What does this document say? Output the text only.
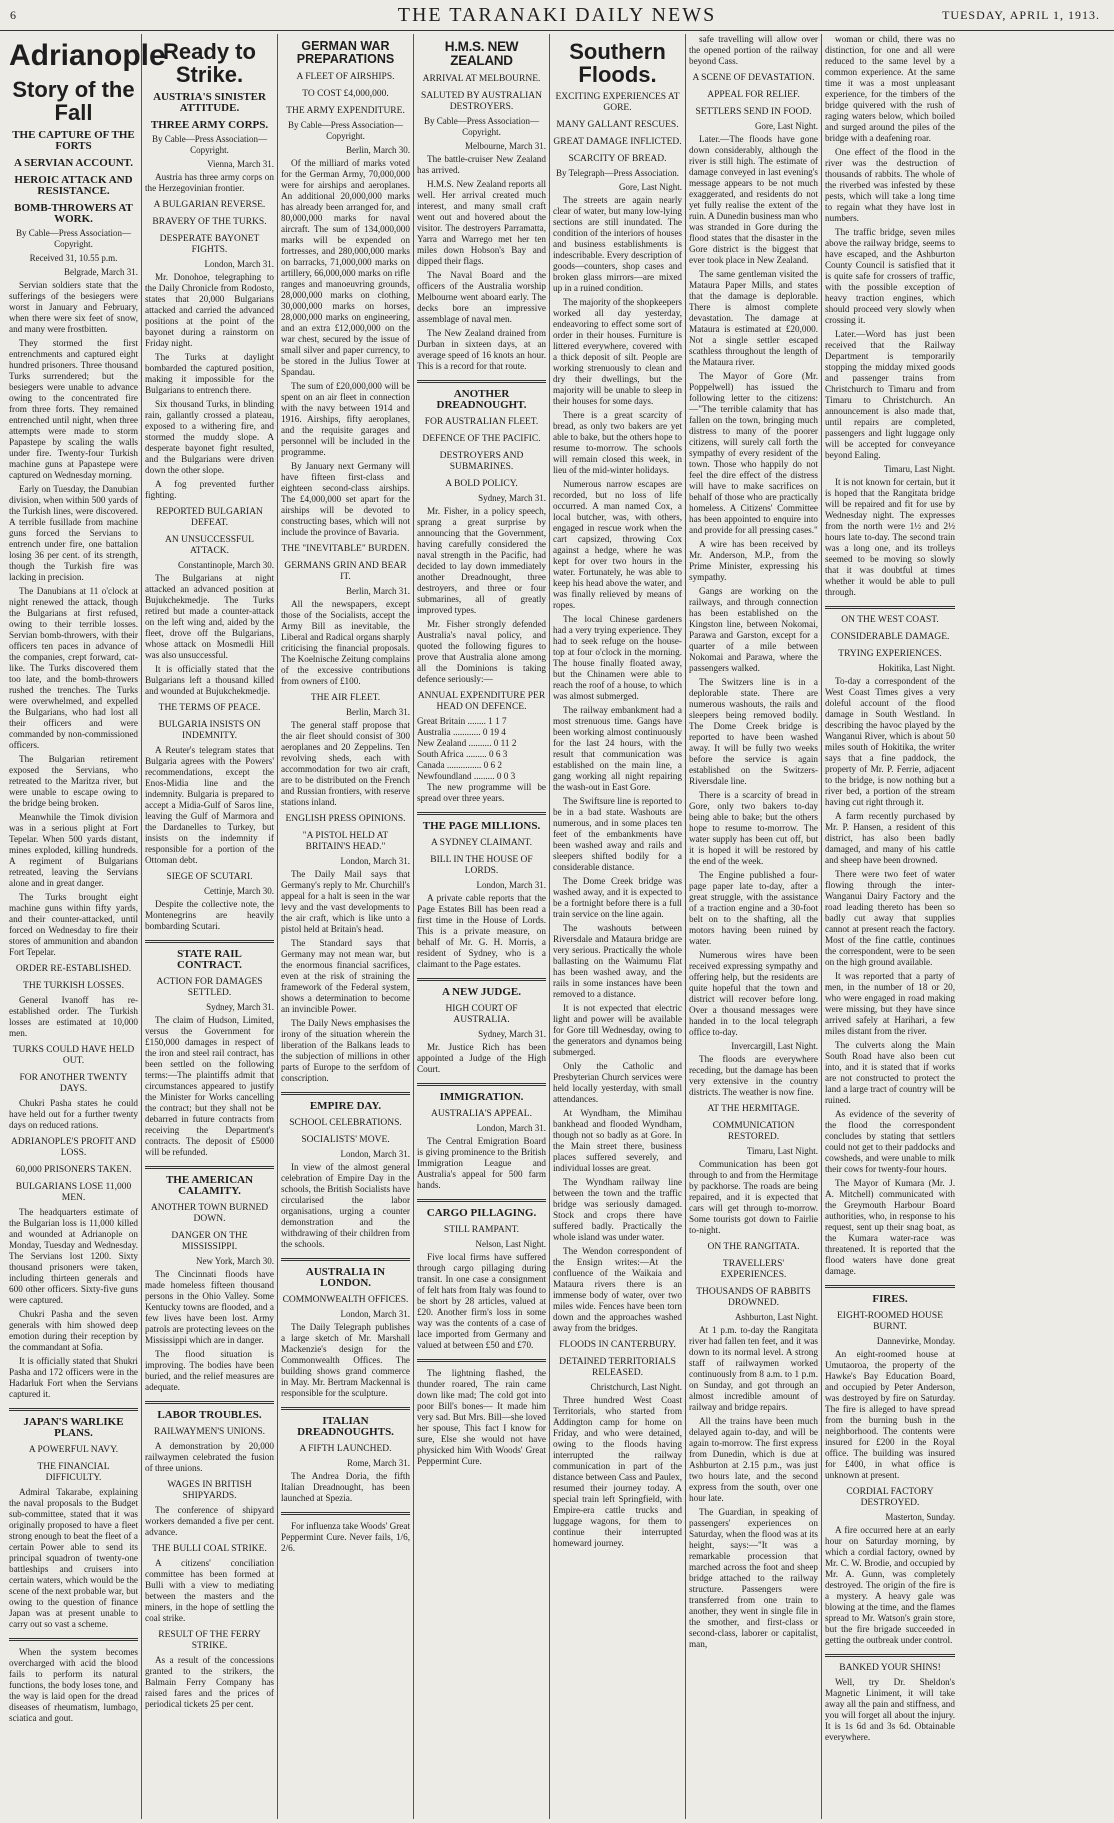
6	THE TARANAKI DAILY NEWS	TUESDAY, APRIL 1, 1913.
Adrianople
Story of the Fall
THE CAPTURE OF THE FORTS
A SERVIAN ACCOUNT.
HEROIC ATTACK AND RESISTANCE.
BOMB-THROWERS AT WORK.
By Cable—Press Association—Copyright.
Received 31, 10.55 p.m.
Belgrade, March 31.

Servian soldiers state that the sufferings of the besiegers were worst in January and February, when there were six feet of snow, and many were frostbitten.

They stormed the first entrenchments and captured eight hundred prisoners. Three thousand Turks surrendered; but the besiegers were unable to advance owing to the concentrated fire from three forts. They remained entrenched until night, when three attempts were made to storm Papastepe by scaling the walls under fire. Twenty-four Turkish machine guns at Papastepe were captured on Wednesday morning.

Early on Tuesday, the Danubian division, when within 500 yards of the Turkish lines, were discovered. A terrible fusillade from machine guns forced the Servians to entrench under fire, one battalion losing 36 per cent. of its strength, though the Turkish fire was lacking in precision.

The Danubians at 11 o'clock at night renewed the attack, though the Bulgarians at first refused, owing to their terrible losses. Servian bomb-throwers, with their officers ten paces in advance of the companies, crept forward, cat-like. The Turks discovered them too late, and the bomb-throwers rushed the trenches. The Turks were overwhelmed, and expelled the Bulgarians, who had lost all their officers and were commanded by non-commissioned officers.

The Bulgarian retirement exposed the Servians, who retreated to the Maritza river, but were unable to escape owing to the bridge being broken.

Meanwhile the Timok division was in a serious plight at Fort Tepelar. When 500 yards distant, mines exploded, killing hundreds. A regiment of Bulgarians retreated, leaving the Servians alone and in great danger.

The Turks brought eight machine guns within fifty yards, and their counter-attacked, until forced on Wednesday to fire their stores of ammunition and abandon Fort Tepelar.

ORDER RE-ESTABLISHED.
THE TURKISH LOSSES.

General Ivanoff has re-established order. The Turkish losses are estimated at 10,000 men.

TURKS COULD HAVE HELD OUT.
FOR ANOTHER TWENTY DAYS.

Chukri Pasha states he could have held out for a further twenty days on reduced rations.

ADRIANOPLE'S PROFIT AND LOSS.
60,000 PRISONERS TAKEN.
BULGARIANS LOSE 11,000 MEN.

The headquarters estimate of the Bulgarian loss is 11,000 killed and wounded at Adrianople on Monday, Tuesday and Wednesday. The Servians lost 1200. Sixty thousand prisoners were taken, including thirteen generals and 600 other officers. Sixty-five guns were captured.

Chukri Pasha and the seven generals with him showed deep emotion during their reception by the commandant at Sofia.

It is officially stated that Shukri Pasha and 172 officers were in the Hadarluk Fort when the Servians captured it.

JAPAN'S WARLIKE PLANS.
A POWERFUL NAVY.
THE FINANCIAL DIFFICULTY.

Admiral Takarabe, explaining the naval proposals to the Budget sub-committee, stated that it was originally proposed to have a fleet strong enough to beat the fleet of a certain Power able to send its principal squadron of twenty-one battleships and cruisers into certain waters, which would be the scene of the next probable war, but owing to the question of finance Japan was at present unable to carry out so vast a scheme.

When the system becomes overcharged with acid the blood fails to perform its natural functions, the body loses tone, and the way is laid open for the dread diseases of rheumatism, lumbago, sciatica and gout.

Ready to Strike.
AUSTRIA'S SINISTER ATTITUDE.
THREE ARMY CORPS.
By Cable—Press Association—Copyright.
Vienna, March 31.

Austria has three army corps on the Herzegovinian frontier.

A BULGARIAN REVERSE.
BRAVERY OF THE TURKS.
DESPERATE BAYONET FIGHTS.
London, March 31.

Mr. Donohoe, telegraphing to the Daily Chronicle from Rodosto, states that 20,000 Bulgarians attacked and carried the advanced positions at the point of the bayonet during a rainstorm on Friday night.

The Turks at daylight bombarded the captured position, making it impossible for the Bulgarians to entrench there.

Six thousand Turks, in blinding rain, gallantly crossed a plateau, exposed to a withering fire, and stormed the muddy slope. A desperate bayonet fight resulted, and the Bulgarians were driven down the other slope.

A fog prevented further fighting.

REPORTED BULGARIAN DEFEAT.
AN UNSUCCESSFUL ATTACK.
Constantinople, March 30.

The Bulgarians at night attacked an advanced position at Bujukchekmedje. The Turks retired but made a counter-attack on the left wing and, aided by the fleet, drove off the Bulgarians, whose attack on Mosmedli Hill was also unsuccessful.

It is officially stated that the Bulgarians left a thousand killed and wounded at Bujukchekmedje.

THE TERMS OF PEACE.
BULGARIA INSISTS ON INDEMNITY.

A Reuter's telegram states that Bulgaria agrees with the Powers' recommendations, except the Enos-Midia line and the indemnity. Bulgaria is prepared to accept a Midia-Gulf of Saros line, leaving the Gulf of Marmora and the Dardanelles to Turkey, but insists on the indemnity if responsible for a portion of the Ottoman debt.

SIEGE OF SCUTARI.
Cettinje, March 30.

Despite the collective note, the Montenegrins are heavily bombarding Scutari.

STATE RAIL CONTRACT.
ACTION FOR DAMAGES SETTLED.
Sydney, March 31.

The claim of Hudson, Limited, versus the Government for £150,000 damages in respect of the iron and steel rail contract, has been settled on the following terms:—The plaintiffs admit that circumstances appeared to justify the Minister for Works cancelling the contract; but they shall not be debarred in future contracts from receiving the Department's contracts. The deposit of £5000 will be refunded.

THE AMERICAN CALAMITY.
ANOTHER TOWN BURNED DOWN.
DANGER ON THE MISSISSIPPI.
New York, March 30.

The Cincinnati floods have made homeless fifteen thousand persons in the Ohio Valley. Some Kentucky towns are flooded, and a few lives have been lost. Army patrols are protecting levees on the Mississippi which are in danger.

The flood situation is improving. The bodies have been buried, and the relief measures are adequate.

LABOR TROUBLES.
RAILWAYMEN'S UNIONS.

A demonstration by 20,000 railwaymen celebrated the fusion of three unions.

WAGES IN BRITISH SHIPYARDS.

The conference of shipyard workers demanded a five per cent. advance.

THE BULLI COAL STRIKE.

A citizens' conciliation committee has been formed at Bulli with a view to mediating between the masters and the miners, in the hope of settling the coal strike.

RESULT OF THE FERRY STRIKE.

As a result of the concessions granted to the strikers, the Balmain Ferry Company has raised fares and the prices of periodical tickets 25 per cent.

GERMAN WAR PREPARATIONS
A FLEET OF AIRSHIPS.
TO COST £4,000,000.
THE ARMY EXPENDITURE.
By Cable—Press Association—Copyright.
Berlin, March 30.

Of the milliard of marks voted for the German Army, 70,000,000 were for airships and aeroplanes. An additional 20,000,000 marks has already been arranged for, and 80,000,000 marks for naval aircraft. The sum of 134,000,000 marks will be expended on fortresses, and 280,000,000 marks on barracks, 71,000,000 marks on artillery, 66,000,000 marks on rifle ranges and manoeuvring grounds, 28,000,000 marks on clothing, 30,000,000 marks on horses, 28,000,000 marks on engineering, and an extra £12,000,000 on the war chest, secured by the issue of small silver and paper currency, to be stored in the Julius Tower at Spandau.

The sum of £20,000,000 will be spent on an air fleet in connection with the navy between 1914 and 1916. Airships, fifty aeroplanes, and the requisite garages and personnel will be included in the programme.

By January next Germany will have fifteen first-class and eighteen second-class airships. The £4,000,000 set apart for the airships will be devoted to constructing bases, which will not include the province of Bavaria.

THE "INEVITABLE" BURDEN.
GERMANS GRIN AND BEAR IT.
Berlin, March 31.

All the newspapers, except those of the Socialists, accept the Army Bill as inevitable, the Liberal and Radical organs sharply criticising the financial proposals. The Koelnische Zeitung complains of the excessive contributions from owners of £100.

THE AIR FLEET.
Berlin, March 31.

The general staff propose that the air fleet should consist of 300 aeroplanes and 20 Zeppelins. Ten revolving sheds, each with accommodation for two air craft, are to be distributed on the French and Russian frontiers, with reserve stations inland.

ENGLISH PRESS OPINIONS.
"A PISTOL HELD AT BRITAIN'S HEAD."
London, March 31.

The Daily Mail says that Germany's reply to Mr. Churchill's appeal for a halt is seen in the war levy and the vast developments to the air craft, which is like unto a pistol held at Britain's head.

The Standard says that Germany may not mean war, but the enormous financial sacrifices, even at the risk of straining the framework of the Federal system, shows a determination to become an invincible Power.

The Daily News emphasises the irony of the situation wherein the liberation of the Balkans leads to the subjection of millions in other parts of Europe to the serfdom of conscription.

EMPIRE DAY.
SCHOOL CELEBRATIONS.
SOCIALISTS' MOVE.
London, March 31.

In view of the almost general celebration of Empire Day in the schools, the British Socialists have circularised the labor organisations, urging a counter demonstration and the withdrawing of their children from the schools.

AUSTRALIA IN LONDON.
COMMONWEALTH OFFICES.
London, March 31.

The Daily Telegraph publishes a large sketch of Mr. Marshall Mackenzie's design for the Commonwealth Offices. The building shows grand commerce in May. Mr. Bertram Mackennal is responsible for the sculpture.

ITALIAN DREADNOUGHTS.
A FIFTH LAUNCHED.
Rome, March 31.

The Andrea Doria, the fifth Italian Dreadnought, has been launched at Spezia.

For influenza take Woods' Great Peppermint Cure. Never fails, 1/6, 2/6.

H.M.S. NEW ZEALAND
ARRIVAL AT MELBOURNE.
SALUTED BY AUSTRALIAN DESTROYERS.
By Cable—Press Association—Copyright.
Melbourne, March 31.

The battle-cruiser New Zealand has arrived.

H.M.S. New Zealand reports all well. Her arrival created much interest, and many small craft went out and hovered about the visitor. The destroyers Parramatta, Yarra and Warrego met her ten miles down Hobson's Bay and dipped their flags.

The Naval Board and the officers of the Australia worship Melbourne went aboard early. The decks bore an impressive assemblage of naval men.

The New Zealand drained from Durban in sixteen days, at an average speed of 16 knots an hour. This is a record for that route.

ANOTHER DREADNOUGHT.
FOR AUSTRALIAN FLEET.
DEFENCE OF THE PACIFIC.
DESTROYERS AND SUBMARINES.
A BOLD POLICY.
Sydney, March 31.

Mr. Fisher, in a policy speech, sprang a great surprise by announcing that the Government, having carefully considered the naval strength in the Pacific, had decided to lay down immediately another Dreadnought, three destroyers, and three or four submarines, all of greatly improved types.

Mr. Fisher strongly defended Australia's naval policy, and quoted the following figures to prove that Australia alone among all the Dominions is taking defence seriously:—

ANNUAL EXPENDITURE PER HEAD ON DEFENCE.
Great Britain ........ 1 1 7
Australia ............ 0 19 4
New Zealand .......... 0 11 2
South Africa ......... 0 6 3
Canada ............... 0 6 2
Newfoundland ......... 0 0 3

The new programme will be spread over three years.

THE PAGE MILLIONS.
A SYDNEY CLAIMANT.
BILL IN THE HOUSE OF LORDS.
London, March 31.

A private cable reports that the Page Estates Bill has been read a first time in the House of Lords. This is a private measure, on behalf of Mr. G. H. Morris, a resident of Sydney, who is a claimant to the Page estates.

A NEW JUDGE.
HIGH COURT OF AUSTRALIA.
Sydney, March 31.

Mr. Justice Rich has been appointed a Judge of the High Court.

IMMIGRATION.
AUSTRALIA'S APPEAL.
London, March 31.

The Central Emigration Board is giving prominence to the British Immigration League and Australia's appeal for 500 farm hands.

CARGO PILLAGING.
STILL RAMPANT.
Nelson, Last Night.

Five local firms have suffered through cargo pillaging during transit. In one case a consignment of felt hats from Italy was found to be short by 28 articles, valued at £20. Another firm's loss in some way was the contents of a case of lace imported from Germany and valued at between £50 and £70.

The lightning flashed, the thunder roared, The rain came down like mad; The cold got into poor Bill's bones— It made him very sad. But Mrs. Bill—she loved her spouse, This fact I know for sure, Else she would not have physicked him With Woods' Great Peppermint Cure.

Southern Floods.
EXCITING EXPERIENCES AT GORE.
MANY GALLANT RESCUES.
GREAT DAMAGE INFLICTED.
SCARCITY OF BREAD.
By Telegraph—Press Association.
Gore, Last Night.

The streets are again nearly clear of water, but many low-lying sections are still inundated. The condition of the interiors of houses and business establishments is indescribable. Every description of goods—counters, shop cases and broken glass mirrors—are mixed up in a ruined condition.

The majority of the shopkeepers worked all day yesterday, endeavoring to effect some sort of order in their houses. Furniture is littered everywhere, covered with a thick deposit of silt. People are working strenuously to clean and dry their dwellings, but the majority will be unable to sleep in their houses for some days.

There is a great scarcity of bread, as only two bakers are yet able to bake, but the others hope to resume to-morrow. The schools will remain closed this week, in lieu of the mid-winter holidays.

Numerous narrow escapes are recorded, but no loss of life occurred. A man named Cox, a local butcher, was, with others, engaged in rescue work when the cart capsized, throwing Cox against a hedge, where he was kept for over two hours in the water. Fortunately, he was able to keep his head above the water, and was finally relieved by means of ropes.

The local Chinese gardeners had a very trying experience. They had to seek refuge on the house-top at four o'clock in the morning. The house finally floated away, but the Chinamen were able to reach the roof of a house, to which was almost submerged.

The railway embankment had a most strenuous time. Gangs have been working almost continuously for the last 24 hours, with the result that communication was established on the main line, a gang working all night repairing the wash-out in East Gore.

The Swiftsure line is reported to be in a bad state. Washouts are numerous, and in some places ten feet of the embankments have been washed away and rails and sleepers shifted bodily for a considerable distance.

The Dome Creek bridge was washed away, and it is expected to be a fortnight before there is a full train service on the line again.

The washouts between Riversdale and Mataura bridge are very serious. Practically the whole ballasting on the Waimumu Flat has been washed away, and the rails in some instances have been removed to a distance.

It is not expected that electric light and power will be available for Gore till Wednesday, owing to the generators and dynamos being submerged.

Only the Catholic and Presbyterian Church services were held locally yesterday, with small attendances.

At Wyndham, the Mimihau bankhead and flooded Wyndham, though not so badly as at Gore. In the Main street there, business places suffered severely, and individual losses are great.

The Wyndham railway line between the town and the traffic bridge was seriously damaged. Stock and crops there have suffered badly. Practically the whole island was under water.

The Wendon correspondent of the Ensign writes:—At the confluence of the Waikaia and Mataura rivers there is an immense body of water, over two miles wide. Fences have been torn down and the approaches washed away from the bridges.

FLOODS IN CANTERBURY.
DETAINED TERRITORIALS RELEASED.
Christchurch, Last Night.

Three hundred West Coast Territorials, who started from Addington camp for home on Friday, and who were detained, owing to the floods having interrupted the railway communication in part of the distance between Cass and Paulex, resumed their journey today. A special train left Springfield, with Empire-era cattle trucks and luggage wagons, for them to continue their interrupted homeward journey.

safe travelling will allow over the opened portion of the railway beyond Cass.

A SCENE OF DEVASTATION.
APPEAL FOR RELIEF.
SETTLERS SEND IN FOOD.
Gore, Last Night.

Later.—The floods have gone down considerably, although the river is still high. The estimate of damage conveyed in last evening's message appears to be not much exaggerated, and residents do not yet fully realise the extent of the ruin. A Dunedin business man who was stranded in Gore during the flood states that the disaster in the Gore district is the biggest that ever took place in New Zealand.

The same gentleman visited the Mataura Paper Mills, and states that the damage is deplorable. There is almost complete devastation. The damage at Mataura is estimated at £20,000. Not a single settler escaped scathless throughout the length of the Mataura river.

The Mayor of Gore (Mr. Poppelwell) has issued the following letter to the citizens:—"The terrible calamity that has fallen on the town, bringing much distress to many of the poorer citizens, will surely call forth the sympathy of every resident of the town. Those who happily do not feel the dire effect of the distress will have to make sacrifices on behalf of those who are practically homeless. A Citizens' Committee has been appointed to enquire into and provide for all pressing cases."

A wire has been received by Mr. Anderson, M.P., from the Prime Minister, expressing his sympathy.

Gangs are working on the railways, and through connection has been established on the Kingston line, between Nokomai, Parawa and Garston, except for a quarter of a mile between Nokomai and Parawa, where the passengers walked.

The Switzers line is in a deplorable state. There are numerous washouts, the rails and sleepers being removed bodily. The Dome Creek bridge is reported to have been washed away. It will be fully two weeks before the service is again established on the Switzers-Riversdale line.

There is a scarcity of bread in Gore, only two bakers to-day being able to bake; but the others hope to resume to-morrow. The water supply has been cut off, but it is hoped it will be restored by the end of the week.

The Engine published a four-page paper late to-day, after a great struggle, with the assistance of a traction engine and a 30-foot belt on to the shafting, all the motors having been ruined by water.

Numerous wires have been received expressing sympathy and offering help, but the residents are quite hopeful that the town and district will recover before long. Over a thousand messages were handed in to the local telegraph office to-day.

Invercargill, Last Night.

The floods are everywhere receding, but the damage has been very extensive in the country districts. The weather is now fine.

AT THE HERMITAGE.
COMMUNICATION RESTORED.
Timaru, Last Night.

Communication has been got through to and from the Hermitage by packhorse. The roads are being repaired, and it is expected that cars will get through to-morrow. Some tourists got down to Fairlie to-night.

ON THE RANGITATA.
TRAVELLERS' EXPERIENCES.
THOUSANDS OF RABBITS DROWNED.
Ashburton, Last Night.

At 1 p.m. to-day the Rangitata river had fallen ten feet, and it was down to its normal level. A strong staff of railwaymen worked continuously from 8 a.m. to 1 p.m. on Sunday, and got through an almost incredible amount of railway and bridge repairs.

All the trains have been much delayed again to-day, and will be again to-morrow. The first express from Dunedin, which is due at Ashburton at 2.15 p.m., was just two hours late, and the second express from the south, over one hour late.

The Guardian, in speaking of passengers' experiences on Saturday, when the flood was at its height, says:—"It was a remarkable procession that marched across the foot and sheep bridge attached to the railway structure. Passengers were transferred from one train to another, they went in single file in the smother, and first-class or second-class, laborer or capitalist, man,

woman or child, there was no distinction, for one and all were reduced to the same level by a common experience. At the same time it was a most unpleasant experience, for the timbers of the bridge quivered with the rush of raging waters below, which boiled and surged around the piles of the bridge with a deafening roar.

One effect of the flood in the river was the destruction of thousands of rabbits. The whole of the riverbed was infested by these pests, which will take a long time to regain what they have lost in numbers.

The traffic bridge, seven miles above the railway bridge, seems to have escaped, and the Ashburton County Council is satisfied that it is quite safe for crossers of traffic, with the possible exception of heavy traction engines, which should proceed very slowly when crossing it.

Later.—Word has just been received that the Railway Department is temporarily stopping the midday mixed goods and passenger trains from Christchurch to Timaru and from Timaru to Christchurch. An announcement is also made that, until repairs are completed, passengers and light luggage only will be accepted for conveyance beyond Ealing.

Timaru, Last Night.

It is not known for certain, but it is hoped that the Rangitata bridge will be repaired and fit for use by Wednesday night. The expresses from the north were 1½ and 2½ hours late to-day. The second train was a long one, and its trolleys seemed to be moving so slowly that it was doubtful at times whether it would be able to pull through.

ON THE WEST COAST.
CONSIDERABLE DAMAGE.
TRYING EXPERIENCES.
Hokitika, Last Night.

To-day a correspondent of the West Coast Times gives a very doleful account of the flood damage in South Westland. In describing the havoc played by the Wanganui River, which is about 50 miles south of Hokitika, the writer says that a fine paddock, the property of Mr. P. Ferrie, adjacent to the bridge, is now nothing but a river bed, a portion of the stream having cut right through it.

A farm recently purchased by Mr. P. Hansen, a resident of this district, has also been badly damaged, and many of his cattle and sheep have been drowned.

There were two feet of water flowing through the inter-Wanganui Dairy Factory and the road leading thereto has been so badly cut away that supplies cannot at present reach the factory. Most of the fine cattle, continues the correspondent, were to be seen on the high ground available.

It was reported that a party of men, in the number of 18 or 20, who were engaged in road making were missing, but they have since arrived safely at Harihari, a few miles distant from the river.

The culverts along the Main South Road have also been cut into, and it is stated that if works are not constructed to protect the land a large tract of country will be ruined.

As evidence of the severity of the flood the correspondent concludes by stating that settlers could not get to their paddocks and cowsheds, and were unable to milk their cows for twenty-four hours.

The Mayor of Kumara (Mr. J. A. Mitchell) communicated with the Greymouth Harbour Board authorities, who, in response to his request, sent up their snag boat, as the Kumara water-race was threatened. It is reported that the flood waters have done great damage.

FIRES.
EIGHT-ROOMED HOUSE BURNT.
Dannevirke, Monday.

An eight-roomed house at Umutaoroa, the property of the Hawke's Bay Education Board, and occupied by Peter Anderson, was destroyed by fire on Saturday. The fire is alleged to have spread from the burning bush in the neighborhood. The contents were insured for £200 in the Royal office. The building was insured for £400, in what office is unknown at present.

CORDIAL FACTORY DESTROYED.
Masterton, Sunday.

A fire occurred here at an early hour on Saturday morning, by which a cordial factory, owned by Mr. C. W. Brodie, and occupied by Mr. A. Gunn, was completely destroyed. The origin of the fire is a mystery. A heavy gale was blowing at the time, and the flames spread to Mr. Watson's grain store, but the fire brigade succeeded in getting the outbreak under control.

BANKED YOUR SHINS!

Well, try Dr. Sheldon's Magnetic Liniment, it will take away all the pain and stiffness, and you will forget all about the injury. It is 1s 6d and 3s 6d. Obtainable everywhere.
